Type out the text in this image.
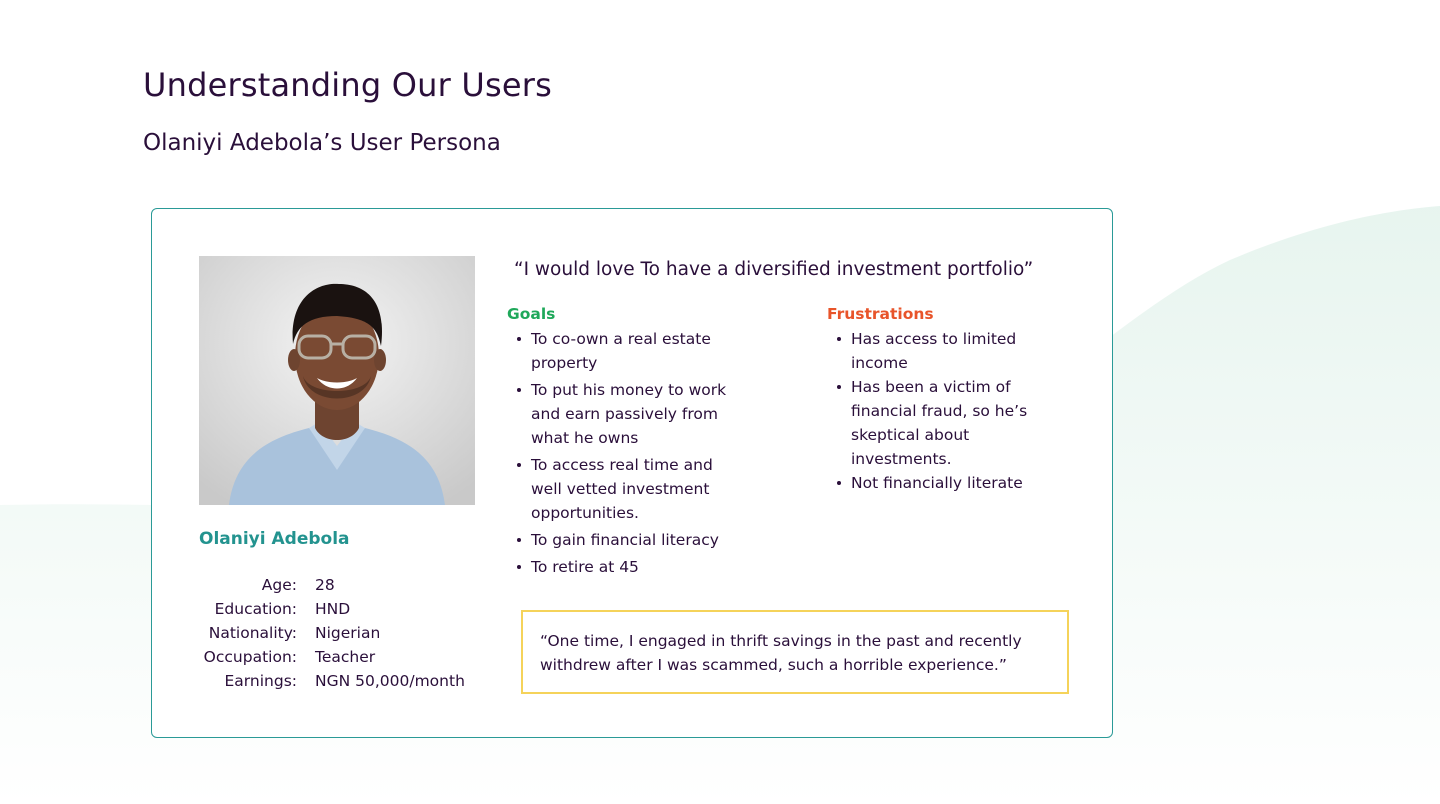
Understanding Our Users
Olaniyi Adebola’s User Persona
Olaniyi Adebola
Age:	28
Education:	HND
Nationality:	Nigerian
Occupation:	Teacher
Earnings:	NGN 50,000/month
“I would love To have a diversified investment portfolio”
Goals
To co-own a real estate property
To put his money to work and earn passively from what he owns
To access real time and well vetted investment opportunities.
To gain financial literacy
To retire at 45
Frustrations
Has access to limited income
Has been a victim of financial fraud, so he’s skeptical about investments.
Not financially literate
“One time, I engaged in thrift savings in the past and recently withdrew after I was scammed, such a horrible experience.”
